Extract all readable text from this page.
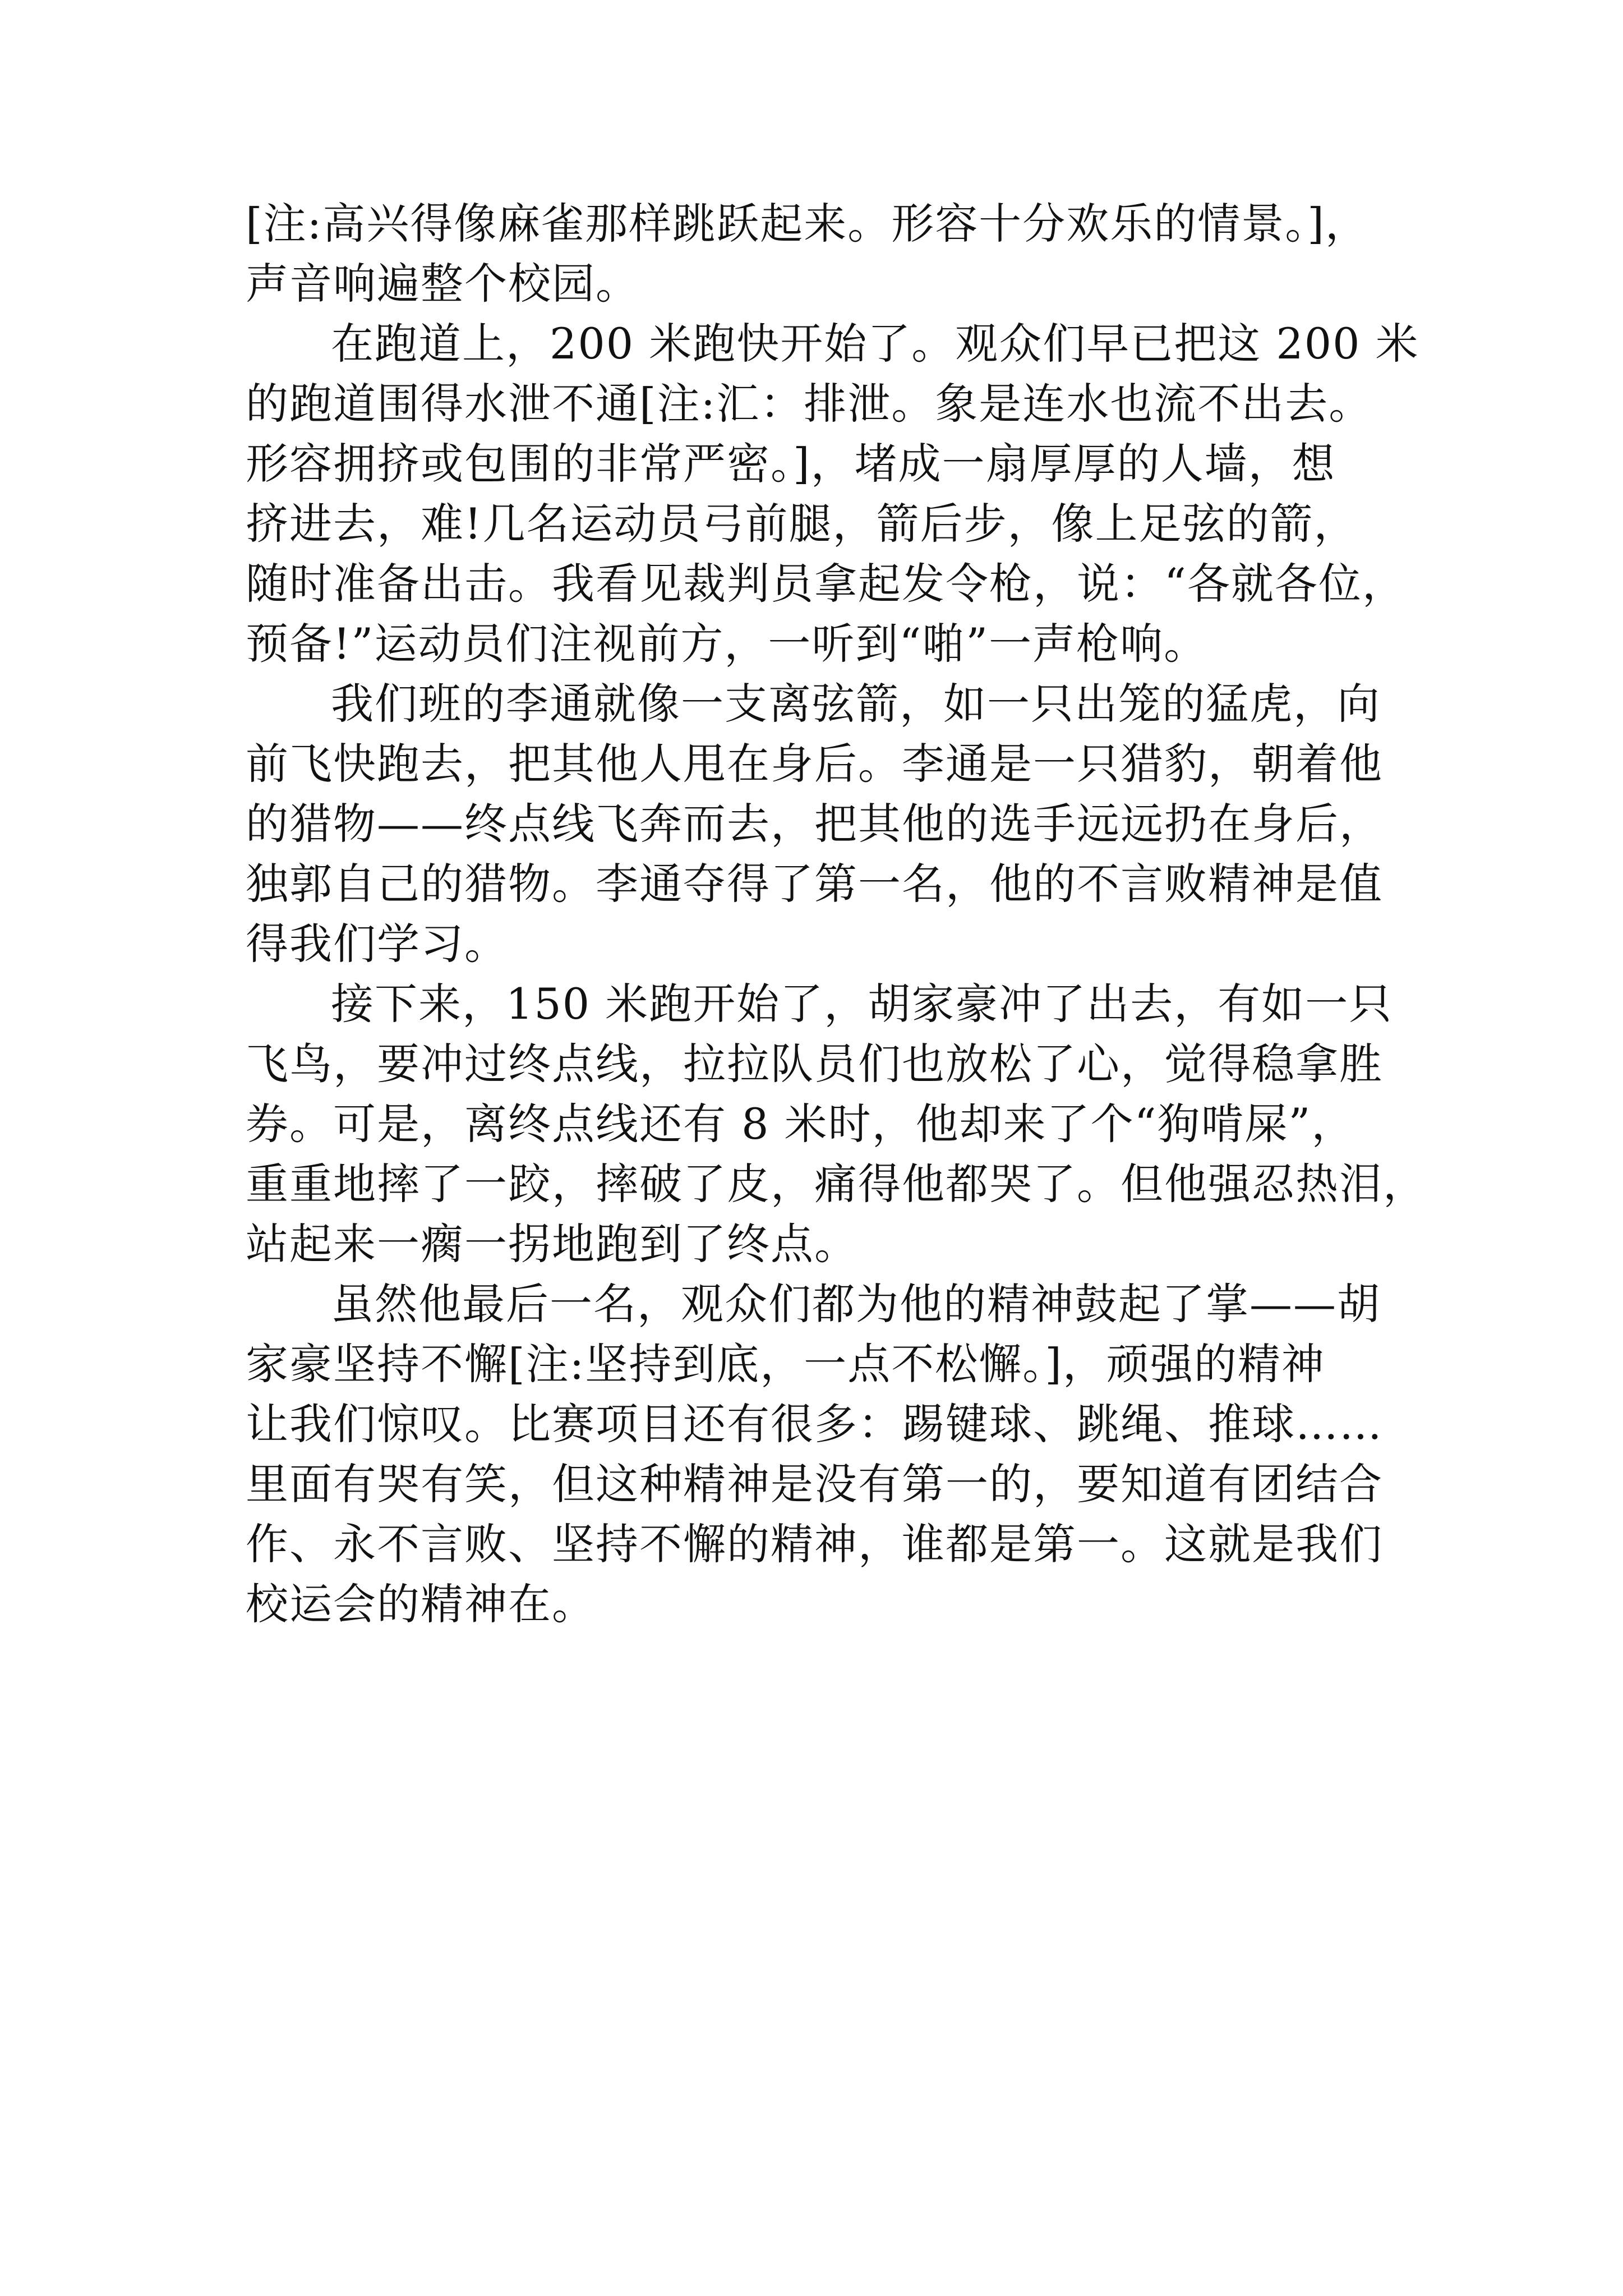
[注:高兴得像麻雀那样跳跃起来。形容十分欢乐的情景。]，
声音响遍整个校园。
在跑道上，200 米跑快开始了。观众们早已把这 200 米
的跑道围得水泄不通[注:汇：排泄。象是连水也流不出去。
形容拥挤或包围的非常严密。]，堵成一扇厚厚的人墙，想
挤进去，难!几名运动员弓前腿，箭后步，像上足弦的箭，
随时准备出击。我看见裁判员拿起发令枪，说：“各就各位，
预备!”运动员们注视前方，一听到“啪”一声枪响。
我们班的李通就像一支离弦箭，如一只出笼的猛虎，向
前飞快跑去，把其他人甩在身后。李通是一只猎豹，朝着他
的猎物——终点线飞奔而去，把其他的选手远远扔在身后，
独郭自己的猎物。李通夺得了第一名，他的不言败精神是值
得我们学习。
接下来，150 米跑开始了，胡家豪冲了出去，有如一只
飞鸟，要冲过终点线，拉拉队员们也放松了心，觉得稳拿胜
券。可是，离终点线还有 8 米时，他却来了个“狗啃屎”，
重重地摔了一跤，摔破了皮，痛得他都哭了。但他强忍热泪，
站起来一瘸一拐地跑到了终点。
虽然他最后一名，观众们都为他的精神鼓起了掌——胡
家豪坚持不懈[注:坚持到底，一点不松懈。]，顽强的精神
让我们惊叹。比赛项目还有很多：踢键球、跳绳、推球……
里面有哭有笑，但这种精神是没有第一的，要知道有团结合
作、永不言败、坚持不懈的精神，谁都是第一。这就是我们
校运会的精神在。
